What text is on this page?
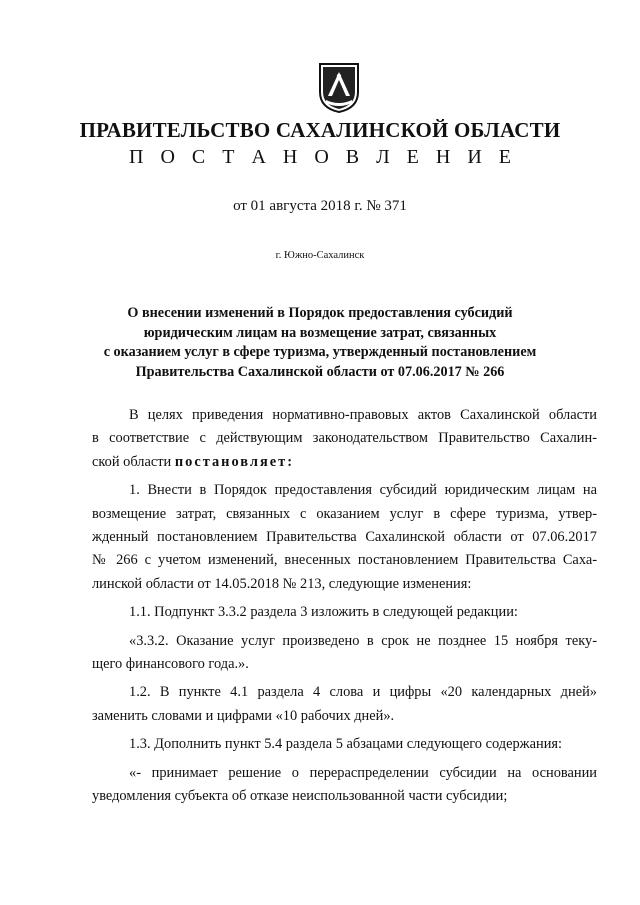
ПРАВИТЕЛЬСТВО САХАЛИНСКОЙ ОБЛАСТИ
П О С Т А Н О В Л Е Н И Е
от 01 августа 2018 г. № 371
г. Южно-Сахалинск
О внесении изменений в Порядок предоставления субсидий
юридическим лицам на возмещение затрат, связанных
с оказанием услуг в сфере туризма, утвержденный постановлением
Правительства Сахалинской области от 07.06.2017 № 266
В целях приведения нормативно-правовых актов Сахалинской области
в соответствие с действующим законодательством Правительство Сахалин-
ской области постановляет:
1. Внести в Порядок предоставления субсидий юридическим лицам на
возмещение затрат, связанных с оказанием услуг в сфере туризма, утвер-
жденный постановлением Правительства Сахалинской области от 07.06.2017
№ 266 с учетом изменений, внесенных постановлением Правительства Саха-
линской области от 14.05.2018 № 213, следующие изменения:
1.1. Подпункт 3.3.2 раздела 3 изложить в следующей редакции:
«3.3.2. Оказание услуг произведено в срок не позднее 15 ноября теку-
щего финансового года.».
1.2. В пункте 4.1 раздела 4 слова и цифры «20 календарных дней»
заменить словами и цифрами «10 рабочих дней».
1.3. Дополнить пункт 5.4 раздела 5 абзацами следующего содержания:
«- принимает решение о перераспределении субсидии на основании
уведомления субъекта об отказе неиспользованной части субсидии;
